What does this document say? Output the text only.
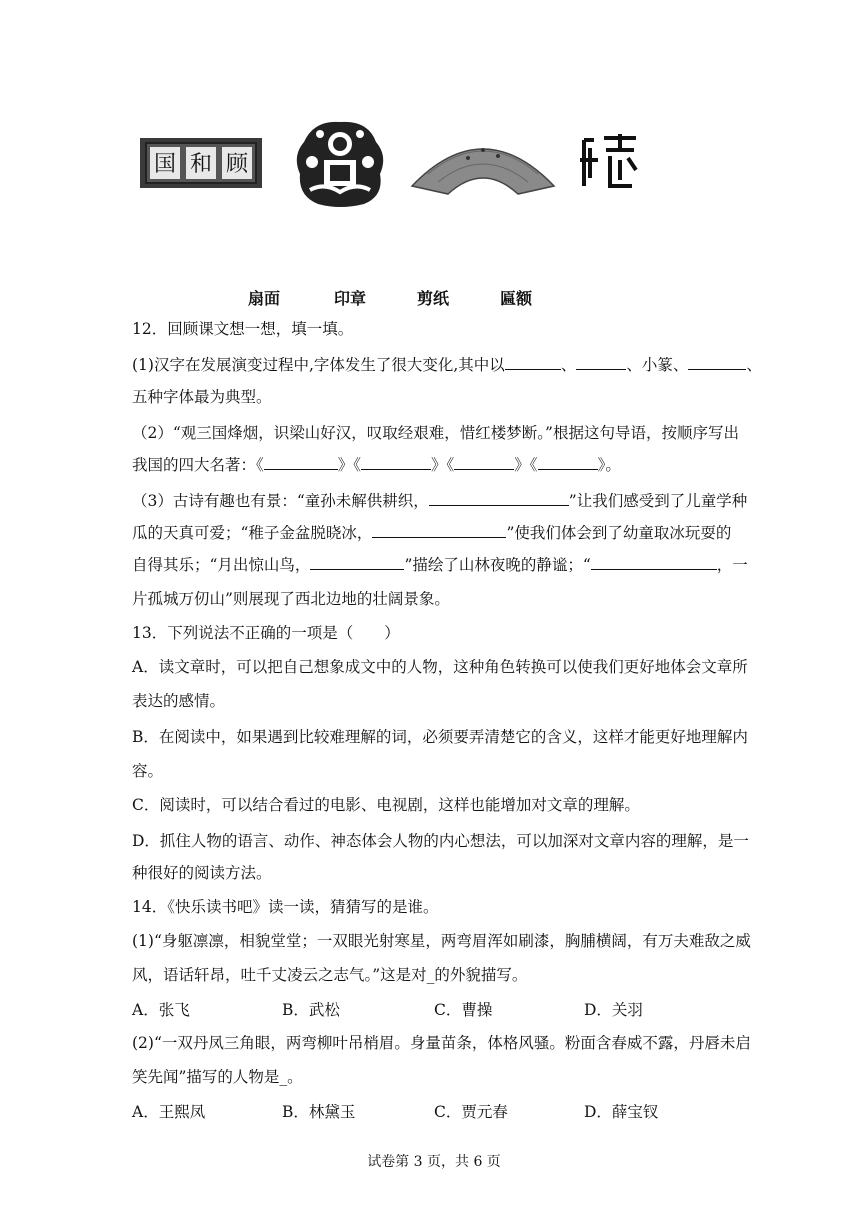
国 和 顾
扇面	印章	剪纸	匾额
12．回顾课文想一想，填一填。
(1)汉字在发展演变过程中,字体发生了很大变化,其中以	、	、小篆、	、
五种字体最为典型。
（2）“观三国烽烟，识梁山好汉，叹取经艰难，惜红楼梦断。”根据这句导语，按顺序写出
我国的四大名著：《	》《	》《	》《	》。
（3）古诗有趣也有景：“童孙未解供耕织，	”让我们感受到了儿童学种
瓜的天真可爱；“稚子金盆脱晓冰，	”使我们体会到了幼童取冰玩耍的
自得其乐；“月出惊山鸟，	”描绘了山林夜晚的静谧；“	，一
片孤城万仞山”则展现了西北边地的壮阔景象。
13．下列说法不正确的一项是（　　）
A．读文章时，可以把自己想象成文中的人物，这种角色转换可以使我们更好地体会文章所
表达的感情。
B．在阅读中，如果遇到比较难理解的词，必须要弄清楚它的含义，这样才能更好地理解内
容。
C．阅读时，可以结合看过的电影、电视剧，这样也能增加对文章的理解。
D．抓住人物的语言、动作、神态体会人物的内心想法，可以加深对文章内容的理解，是一
种很好的阅读方法。
14．《快乐读书吧》读一读，猜猜写的是谁。
(1)“身躯凛凛，相貌堂堂；一双眼光射寒星，两弯眉浑如刷漆，胸脯横阔，有万夫难敌之威
风，语话轩昂，吐千丈凌云之志气。”这是对_的外貌描写。
A．张飞	B．武松	C．曹操	D．关羽
(2)“一双丹凤三角眼，两弯柳叶吊梢眉。身量苗条，体格风骚。粉面含春威不露，丹唇未启
笑先闻”描写的人物是_。
A．王熙凤	B．林黛玉	C．贾元春	D．薛宝钗
试卷第 3 页，共 6 页
